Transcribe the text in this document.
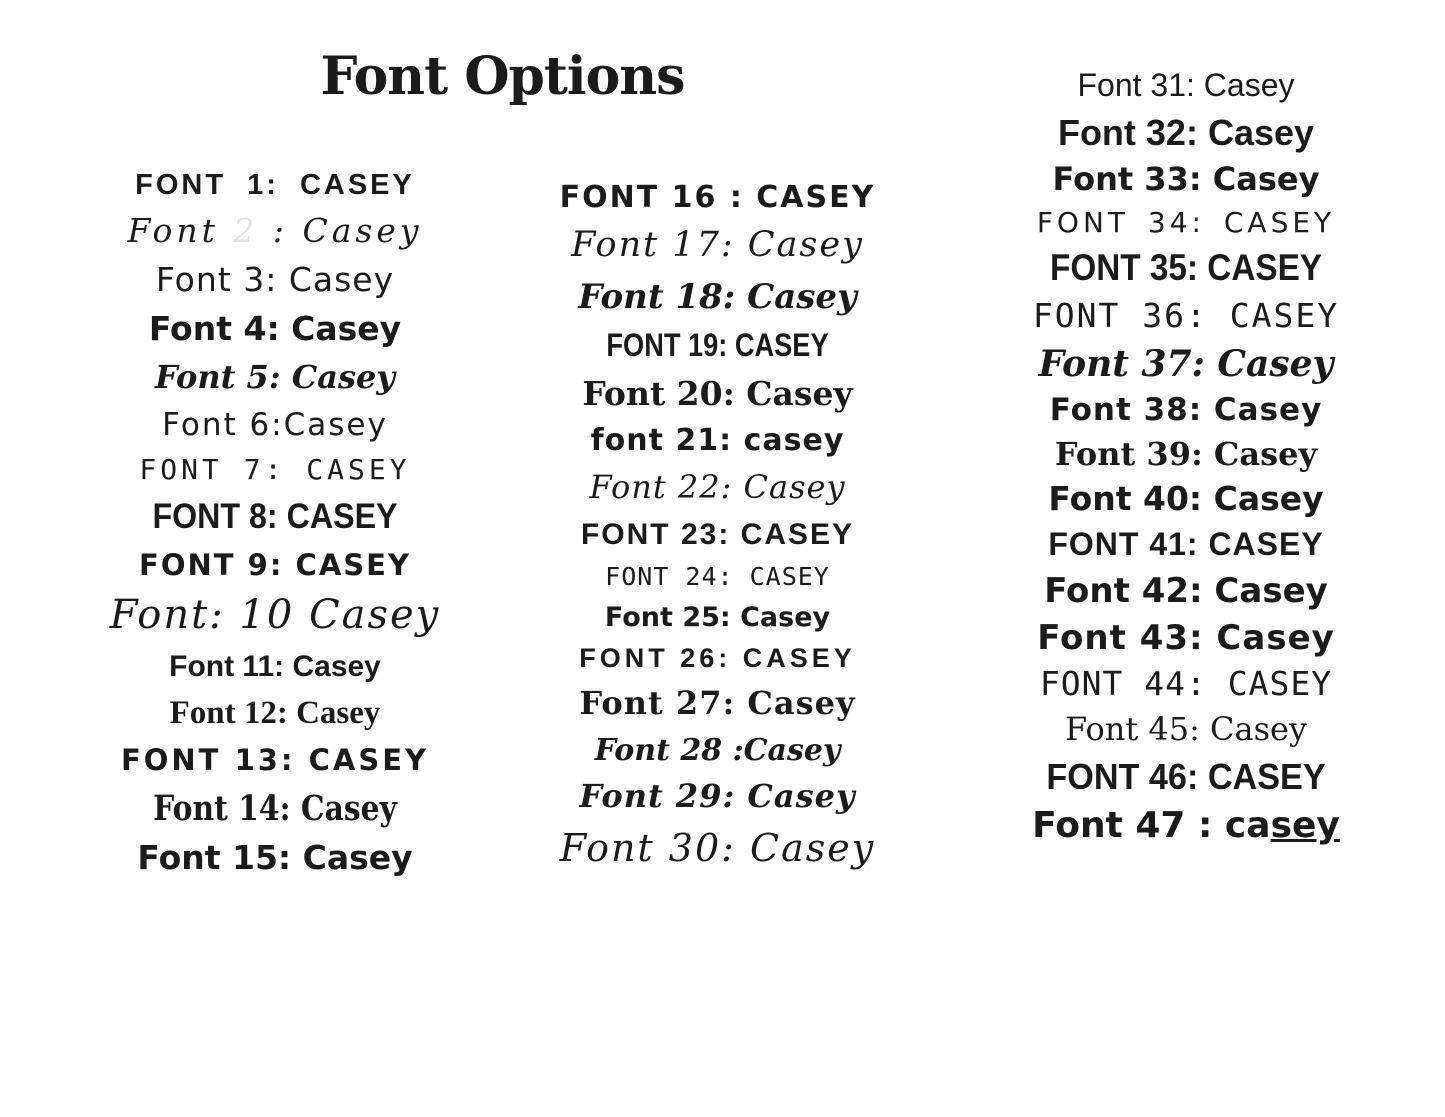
Font Options
FONT 1: CASEY
Font 2 : Casey
Font 3: Casey
Font 4: Casey
Font 5: Casey
Font 6:Casey
FONT 7: CASEY
FONT 8: CASEY
FONT 9: CASEY
Font: 10 Casey
Font 11: Casey
Font 12: Casey
FONT 13: CASEY
Font 14: Casey
Font 15: Casey
FONT 16 : CASEY
Font 17: Casey
Font 18: Casey
FONT 19: CASEY
Font 20: Casey
font 21: casey
Font 22: Casey
FONT 23: CASEY
FONT 24: CASEY
Font 25: Casey
FONT 26: CASEY
Font 27: Casey
Font 28 :Casey
Font 29: Casey
Font 30: Casey
Font 31: Casey
Font 32: Casey
Font 33: Casey
FONT 34: CASEY
FONT 35: CASEY
FONT 36: CASEY
Font 37: Casey
Font 38: Casey
Font 39: Casey
Font 40: Casey
FONT 41: CASEY
Font 42: Casey
Font 43: Casey
FONT 44: CASEY
Font 45: Casey
FONT 46: CASEY
Font 47 : casey
